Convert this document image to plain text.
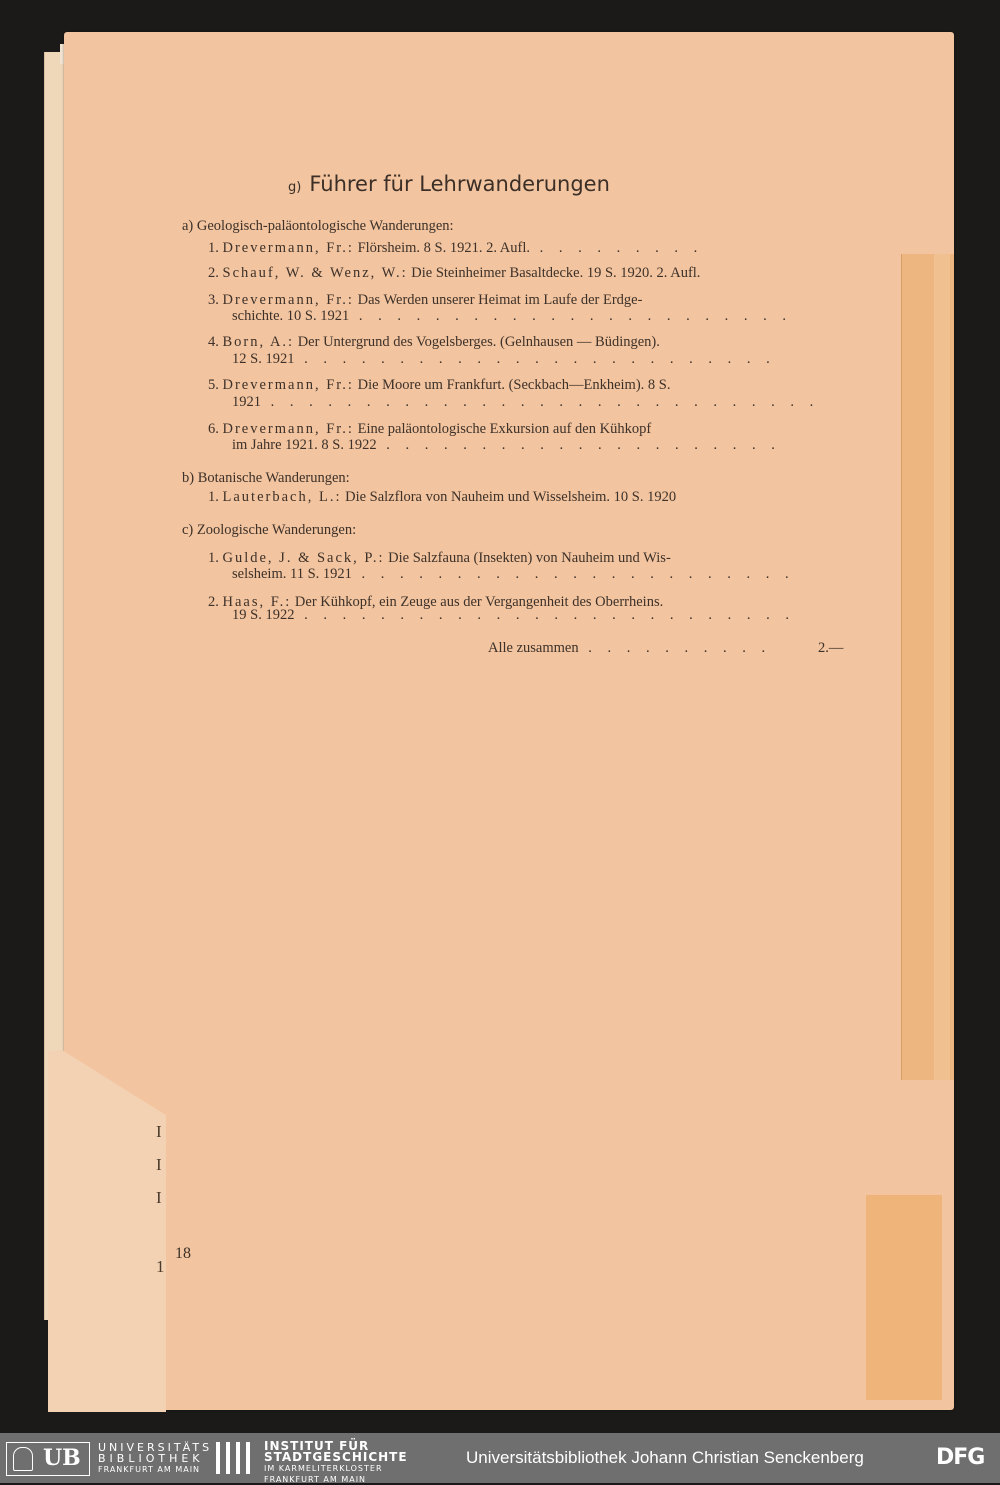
I
I
I
1
g) Führer für Lehrwanderungen
a) Geologisch-paläontologische Wanderungen:
1. Drevermann, Fr.: Flörsheim. 8 S. 1921. 2. Aufl. . . . . . . . . .
2. Schauf, W. & Wenz, W.: Die Steinheimer Basaltdecke. 19 S. 1920. 2. Aufl.
3. Drevermann, Fr.: Das Werden unserer Heimat im Laufe der Erdge-
schichte. 10 S. 1921 . . . . . . . . . . . . . . . . . . . . . . .
4. Born, A.: Der Untergrund des Vogelsberges. (Gelnhausen — Büdingen).
12 S. 1921 . . . . . . . . . . . . . . . . . . . . . . . . .
5. Drevermann, Fr.: Die Moore um Frankfurt. (Seckbach—Enkheim). 8 S.
1921 . . . . . . . . . . . . . . . . . . . . . . . . . . . . .
6. Drevermann, Fr.: Eine paläontologische Exkursion auf den Kühkopf
im Jahre 1921. 8 S. 1922 . . . . . . . . . . . . . . . . . . . . .
b) Botanische Wanderungen:
1. Lauterbach, L.: Die Salzflora von Nauheim und Wisselsheim. 10 S. 1920
c) Zoologische Wanderungen:
1. Gulde, J. & Sack, P.: Die Salzfauna (Insekten) von Nauheim und Wis-
selsheim. 11 S. 1921 . . . . . . . . . . . . . . . . . . . . . . .
2. Haas, F.: Der Kühkopf, ein Zeuge aus der Vergangenheit des Oberrheins.
19 S. 1922 . . . . . . . . . . . . . . . . . . . . . . . . . .
Alle zusammen . . . . . . . . . .	2.—
18
UB UNIVERSITÄTS
BIBLIOTHEK
FRANKFURT AM MAIN
INSTITUT FÜR
STADTGESCHICHTE
IM KARMELITERKLOSTER
FRANKFURT AM MAIN
Universitätsbibliothek Johann Christian Senckenberg	DFG
